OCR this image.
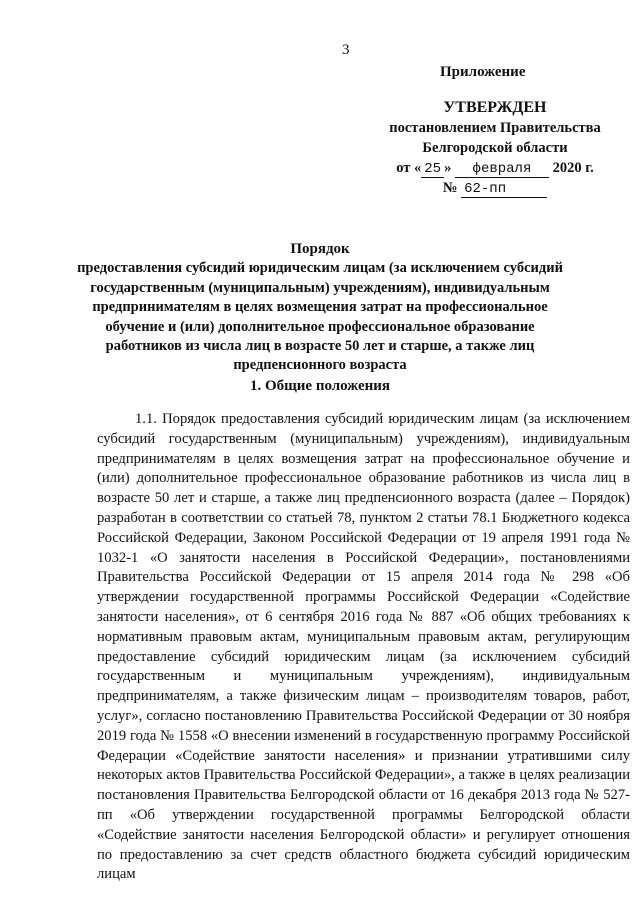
3
Приложение
УТВЕРЖДЕН
постановлением Правительства
Белгородской области
от « 25 » февраля 2020 г.
№ 62-пп
Порядок
предоставления субсидий юридическим лицам (за исключением субсидий государственным (муниципальным) учреждениям), индивидуальным предпринимателям в целях возмещения затрат на профессиональное обучение и (или) дополнительное профессиональное образование работников из числа лиц в возрасте 50 лет и старше, а также лиц предпенсионного возраста
1. Общие положения

1.1. Порядок предоставления субсидий юридическим лицам (за исключением субсидий государственным (муниципальным) учреждениям), индивидуальным предпринимателям в целях возмещения затрат на профессиональное обучение и (или) дополнительное профессиональное образование работников из числа лиц в возрасте 50 лет и старше, а также лиц предпенсионного возраста (далее – Порядок) разработан в соответствии со статьей 78, пунктом 2 статьи 78.1 Бюджетного кодекса Российской Федерации, Законом Российской Федерации от 19 апреля 1991 года № 1032-1 «О занятости населения в Российской Федерации», постановлениями Правительства Российской Федерации от 15 апреля 2014 года № 298 «Об утверждении государственной программы Российской Федерации «Содействие занятости населения», от 6 сентября 2016 года № 887 «Об общих требованиях к нормативным правовым актам, муниципальным правовым актам, регулирующим предоставление субсидий юридическим лицам (за исключением субсидий государственным и муниципальным учреждениям), индивидуальным предпринимателям, а также физическим лицам – производителям товаров, работ, услуг», согласно постановлению Правительства Российской Федерации от 30 ноября 2019 года № 1558 «О внесении изменений в государственную программу Российской Федерации «Содействие занятости населения» и признании утратившими силу некоторых актов Правительства Российской Федерации», а также в целях реализации постановления Правительства Белгородской области от 16 декабря 2013 года № 527-пп «Об утверждении государственной программы Белгородской области «Содействие занятости населения Белгородской области» и регулирует отношения по предоставлению за счет средств областного бюджета субсидий юридическим лицам
